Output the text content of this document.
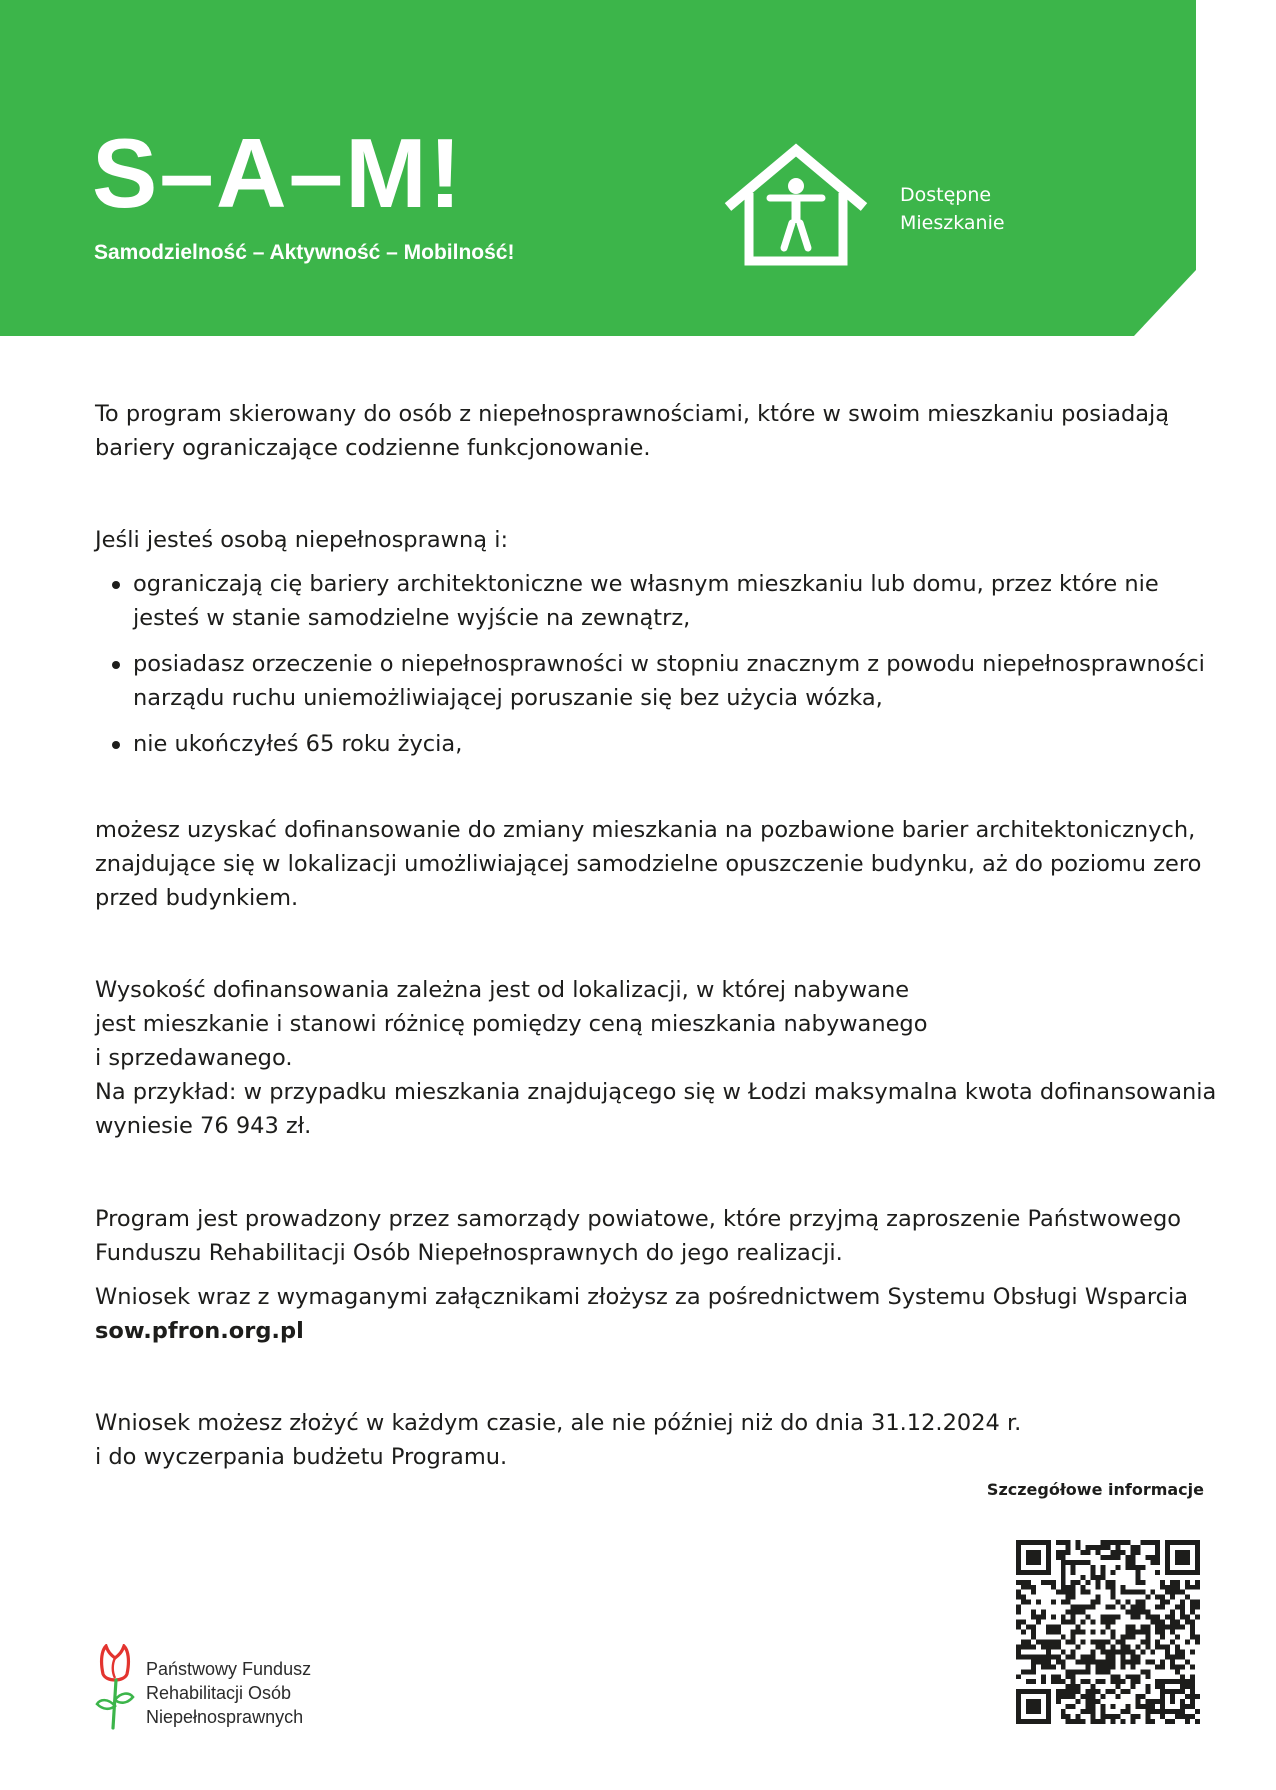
S–A–M!
Samodzielność – Aktywność – Mobilność!
Dostępne
Mieszkanie

To program skierowany do osób z niepełnosprawnościami, które w swoim mieszkaniu posiadają bariery ograniczające codzienne funkcjonowanie.

Jeśli jesteś osobą niepełnosprawną i:

ograniczają cię bariery architektoniczne we własnym mieszkaniu lub domu, przez które nie jesteś w stanie samodzielne wyjście na zewnątrz,
posiadasz orzeczenie o niepełnosprawności w stopniu znacznym z powodu niepełnosprawności narządu ruchu uniemożliwiającej poruszanie się bez użycia wózka,
nie ukończyłeś 65 roku życia,

możesz uzyskać dofinansowanie do zmiany mieszkania na pozbawione barier architektonicznych, znajdujące się w lokalizacji umożliwiającej samodzielne opuszczenie budynku, aż do poziomu zero przed budynkiem.

Wysokość dofinansowania zależna jest od lokalizacji, w której nabywane

jest mieszkanie i stanowi różnicę pomiędzy ceną mieszkania nabywanego

i sprzedawanego.

Na przykład: w przypadku mieszkania znajdującego się w Łodzi maksymalna kwota dofinansowania wyniesie 76 943 zł.

Program jest prowadzony przez samorządy powiatowe, które przyjmą zaproszenie Państwowego Funduszu Rehabilitacji Osób Niepełnosprawnych do jego realizacji.

Wniosek wraz z wymaganymi załącznikami złożysz za pośrednictwem Systemu Obsługi Wsparcia sow.pfron.org.pl

Wniosek możesz złożyć w każdym czasie, ale nie później niż do dnia 31.12.2024 r.

i do wyczerpania budżetu Programu.

Szczegółowe informacje
Państwowy Fundusz
Rehabilitacji Osób
Niepełnosprawnych
